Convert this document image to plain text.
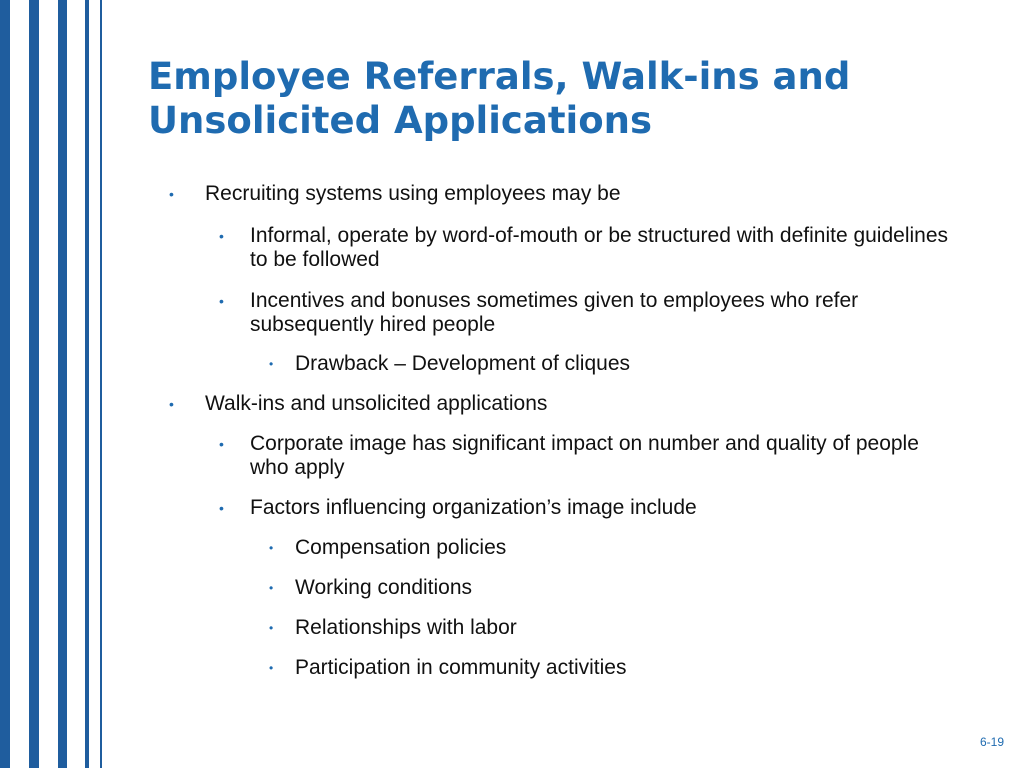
Employee Referrals, Walk-ins and
Unsolicited Applications
• Recruiting systems using employees may be
• Informal, operate by word-of-mouth or be structured with definite guidelines to be followed
• Incentives and bonuses sometimes given to employees who refer subsequently hired people
• Drawback – Development of cliques
• Walk-ins and unsolicited applications
• Corporate image has significant impact on number and quality of people who apply
• Factors influencing organization’s image include
• Compensation policies
• Working conditions
• Relationships with labor
• Participation in community activities
6-19
